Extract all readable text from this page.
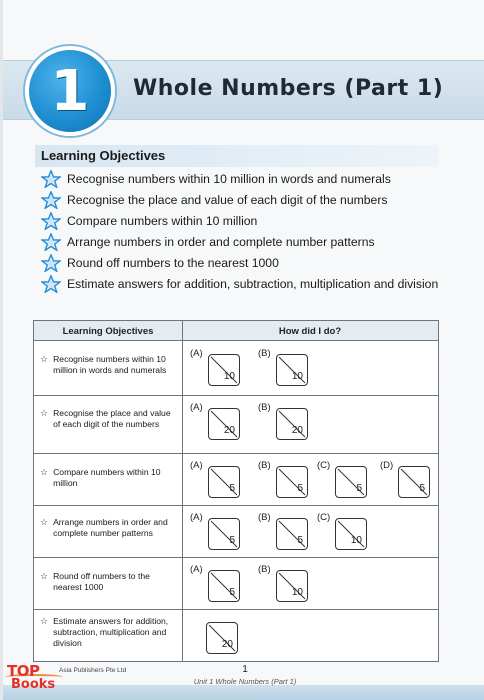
1 Whole Numbers (Part 1)
Learning Objectives
Recognise numbers within 10 million in words and numerals
Recognise the place and value of each digit of the numbers
Compare numbers within 10 million
Arrange numbers in order and complete number patterns
Round off numbers to the nearest 1000
Estimate answers for addition, subtraction, multiplication and division
Learning Objectives	How did I do?
☆ Recognise numbers within 10 million in words and numerals
(A)
10
(B)
10
☆ Recognise the place and value of each digit of the numbers
(A)
20
(B)
20
☆ Compare numbers within 10 million
(A)
5
(B)
5
(C)
5
(D)
5
☆ Arrange numbers in order and complete number patterns
(A)
5
(B)
5
(C)
10
☆ Round off numbers to the nearest 1000
(A)
5
(B)
10
☆ Estimate answers for addition, subtraction, multiplication and division	20
1
Unit 1 Whole Numbers (Part 1)
Asia Publishers Pte Ltd
TOP
Books
